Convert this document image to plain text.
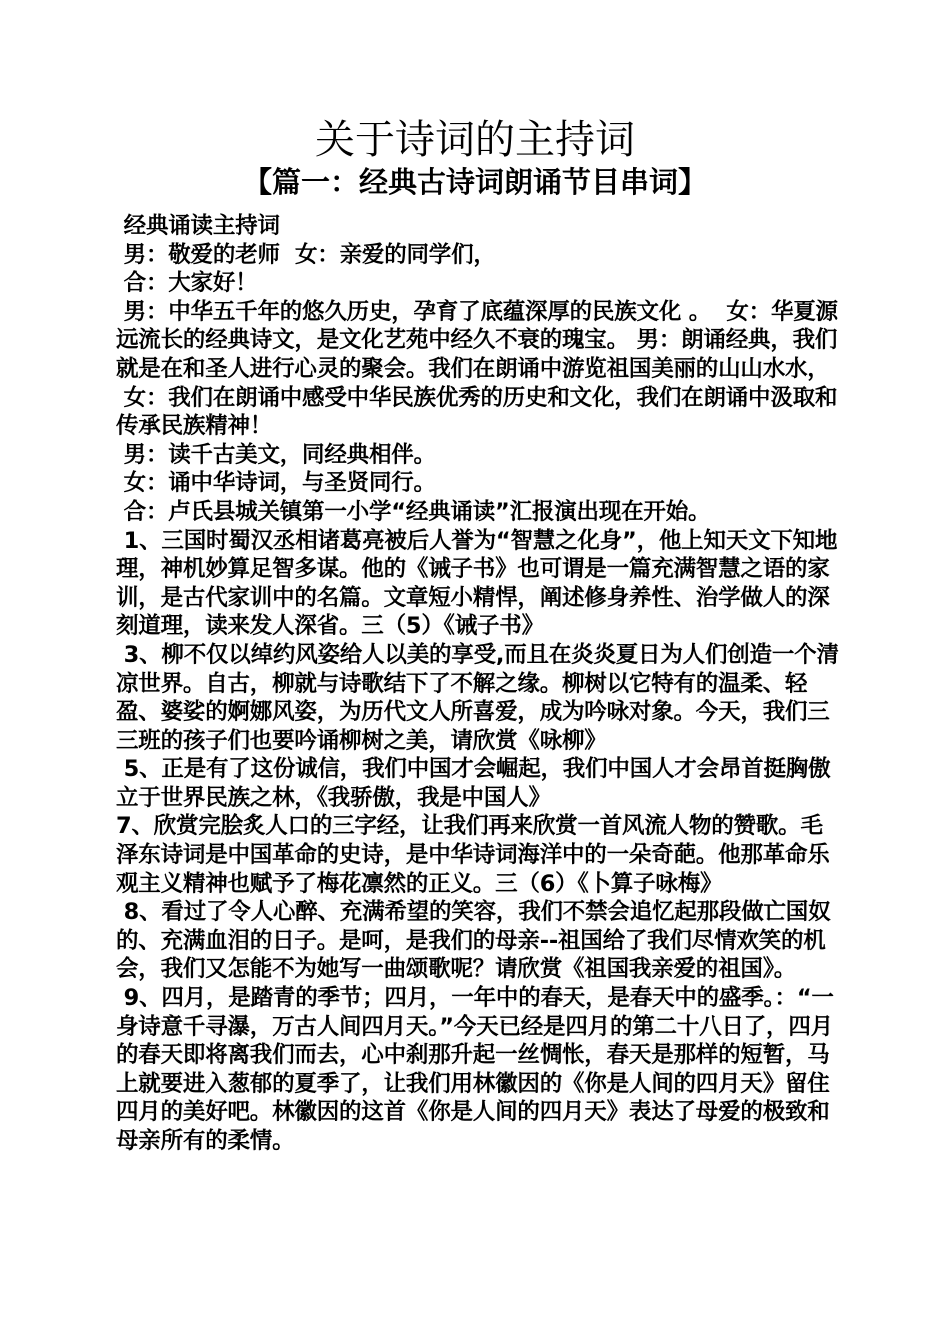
关于诗词的主持词
【篇一：经典古诗词朗诵节目串词】

经典诵读主持词

男：敬爱的老师  女：亲爱的同学们，

合：大家好！

男：中华五千年的悠久历史，孕育了底蕴深厚的民族文化 。  女：华夏源远流长的经典诗文，是文化艺苑中经久不衰的瑰宝。 男：朗诵经典，我们就是在和圣人进行心灵的聚会。我们在朗诵中游览祖国美丽的山山水水，

女：我们在朗诵中感受中华民族优秀的历史和文化，我们在朗诵中汲取和传承民族精神！

男：读千古美文，同经典相伴。

女：诵中华诗词，与圣贤同行。

合：卢氏县城关镇第一小学“经典诵读”汇报演出现在开始。

1、三国时蜀汉丞相诸葛亮被后人誉为“智慧之化身”，他上知天文下知地理，神机妙算足智多谋。他的《诫子书》也可谓是一篇充满智慧之语的家训，是古代家训中的名篇。文章短小精悍，阐述修身养性、治学做人的深刻道理，读来发人深省。三（5）《诫子书》

3、柳不仅以绰约风姿给人以美的享受,而且在炎炎夏日为人们创造一个清凉世界。自古，柳就与诗歌结下了不解之缘。柳树以它特有的温柔、轻盈、婆娑的婀娜风姿，为历代文人所喜爱，成为吟咏对象。今天，我们三三班的孩子们也要吟诵柳树之美，请欣赏《咏柳》

5、正是有了这份诚信，我们中国才会崛起，我们中国人才会昂首挺胸傲立于世界民族之林，《我骄傲，我是中国人》

7、欣赏完脍炙人口的三字经，让我们再来欣赏一首风流人物的赞歌。毛泽东诗词是中国革命的史诗，是中华诗词海洋中的一朵奇葩。他那革命乐观主义精神也赋予了梅花凛然的正义。三（6）《卜算子咏梅》

8、看过了令人心醉、充满希望的笑容，我们不禁会追忆起那段做亡国奴的、充满血泪的日子。是呵，是我们的母亲--祖国给了我们尽情欢笑的机会，我们又怎能不为她写一曲颂歌呢？请欣赏《祖国我亲爱的祖国》。

9、四月，是踏青的季节；四月，一年中的春天，是春天中的盛季。：“一身诗意千寻瀑，万古人间四月天。”今天已经是四月的第二十八日了，四月的春天即将离我们而去，心中刹那升起一丝惆怅，春天是那样的短暂，马上就要进入葱郁的夏季了，让我们用林徽因的《你是人间的四月天》留住四月的美好吧。林徽因的这首《你是人间的四月天》表达了母爱的极致和母亲所有的柔情。
